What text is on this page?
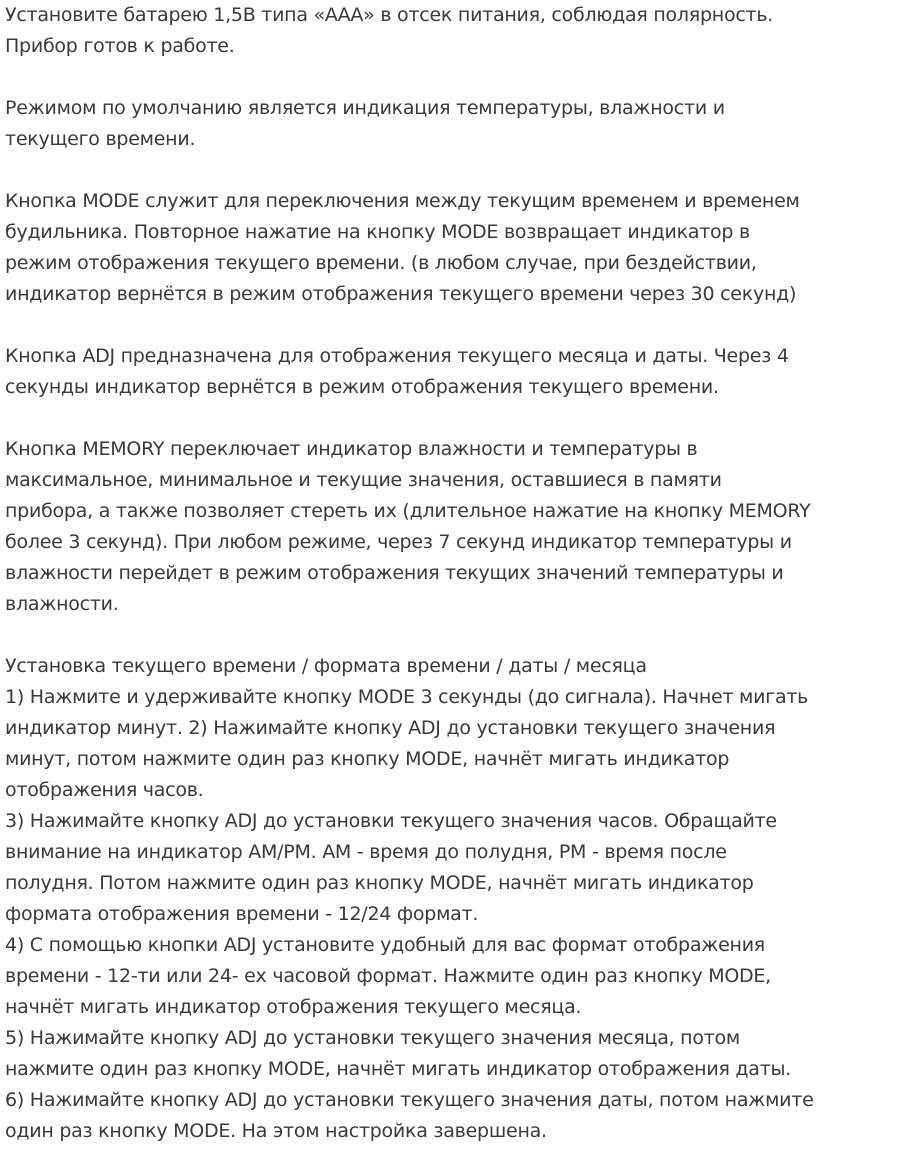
Установите батарею 1,5В типа «ААА» в отсек питания, соблюдая полярность.
Прибор готов к работе.
Режимом по умолчанию является индикация температуры, влажности и
текущего времени.
Кнопка MODE служит для переключения между текущим временем и временем
будильника. Повторное нажатие на кнопку MODE возвращает индикатор в
режим отображения текущего времени. (в любом случае, при бездействии,
индикатор вернётся в режим отображения текущего времени через 30 секунд)
Кнопка ADJ предназначена для отображения текущего месяца и даты. Через 4
секунды индикатор вернётся в режим отображения текущего времени.
Кнопка MEMORY переключает индикатор влажности и температуры в
максимальное, минимальное и текущие значения, оставшиеся в памяти
прибора, а также позволяет стереть их (длительное нажатие на кнопку MEMORY
более 3 секунд). При любом режиме, через 7 секунд индикатор температуры и
влажности перейдет в режим отображения текущих значений температуры и
влажности.
Установка текущего времени / формата времени / даты / месяца
1) Нажмите и удерживайте кнопку MODE 3 секунды (до сигнала). Начнет мигать
индикатор минут. 2) Нажимайте кнопку ADJ до установки текущего значения
минут, потом нажмите один раз кнопку MODE, начнёт мигать индикатор
отображения часов.
3) Нажимайте кнопку ADJ до установки текущего значения часов. Обращайте
внимание на индикатор AM/PM. AM - время до полудня, PM - время после
полудня. Потом нажмите один раз кнопку MODE, начнёт мигать индикатор
формата отображения времени - 12/24 формат.
4) С помощью кнопки ADJ установите удобный для вас формат отображения
времени - 12-ти или 24- ех часовой формат. Нажмите один раз кнопку MODE,
начнёт мигать индикатор отображения текущего месяца.
5) Нажимайте кнопку ADJ до установки текущего значения месяца, потом
нажмите один раз кнопку MODE, начнёт мигать индикатор отображения даты.
6) Нажимайте кнопку ADJ до установки текущего значения даты, потом нажмите
один раз кнопку MODE. На этом настройка завершена.
